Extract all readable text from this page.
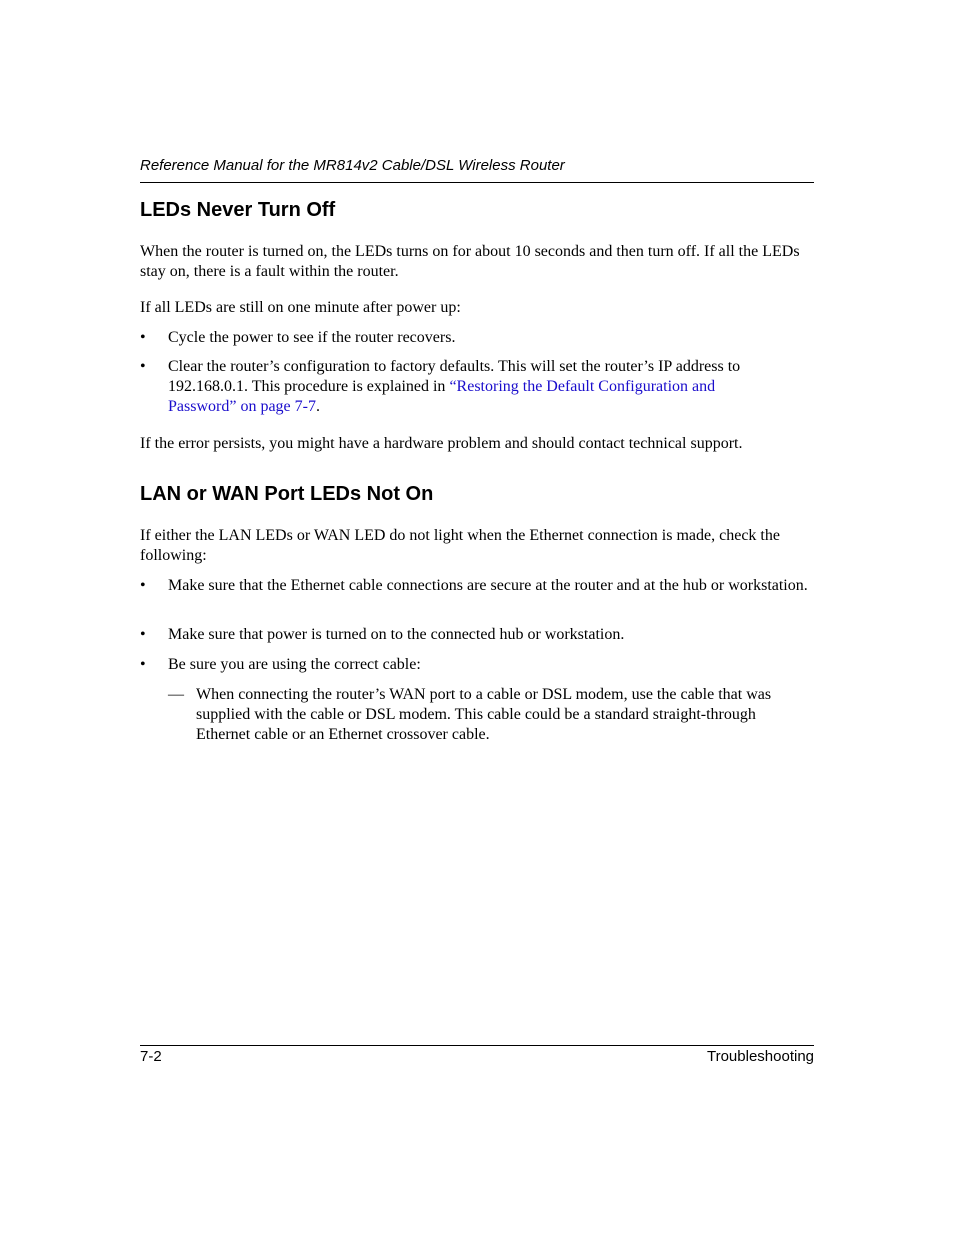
Reference Manual for the MR814v2 Cable/DSL Wireless Router
LEDs Never Turn Off

When the router is turned on, the LEDs turns on for about 10 seconds and then turn off. If all the LEDs stay on, there is a fault within the router.

If all LEDs are still on one minute after power up:

• Cycle the power to see if the router recovers.
• Clear the router’s configuration to factory defaults. This will set the router’s IP address to
192.168.0.1. This procedure is explained in “Restoring the Default Configuration and
Password” on page 7-7.

If the error persists, you might have a hardware problem and should contact technical support.

LAN or WAN Port LEDs Not On

If either the LAN LEDs or WAN LED do not light when the Ethernet connection is made, check the following:

• Make sure that the Ethernet cable connections are secure at the router and at the hub or workstation.
• Make sure that power is turned on to the connected hub or workstation.
• Be sure you are using the correct cable:
— When connecting the router’s WAN port to a cable or DSL modem, use the cable that was supplied with the cable or DSL modem. This cable could be a standard straight-through Ethernet cable or an Ethernet crossover cable.
7-2	Troubleshooting
